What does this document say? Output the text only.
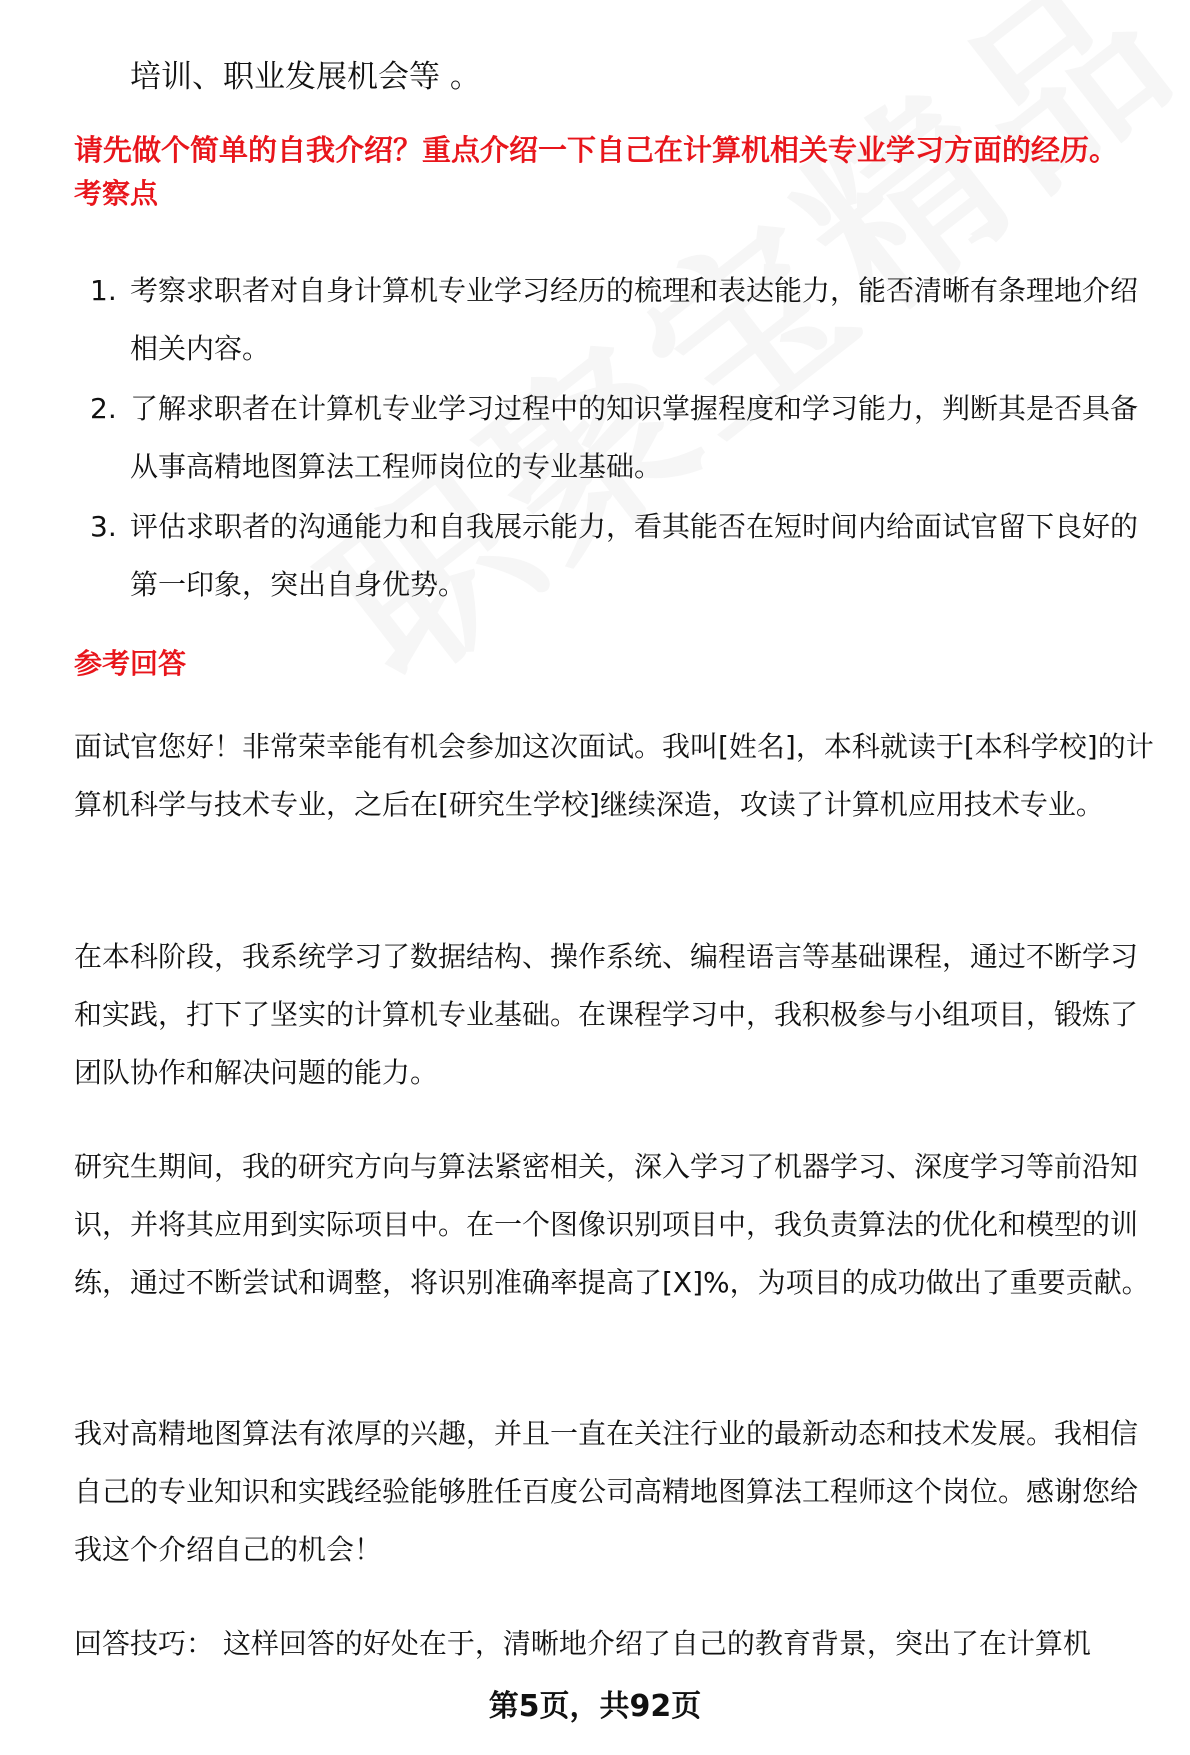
培训、职业发展机会等 。

请先做个简单的自我介绍？重点介绍一下自己在计算机相关专业学习方面的经历。

考察点

1. 考察求职者对自身计算机专业学习经历的梳理和表达能力，能否清晰有条理地介绍相关内容。
2. 了解求职者在计算机专业学习过程中的知识掌握程度和学习能力，判断其是否具备从事高精地图算法工程师岗位的专业基础。
3. 评估求职者的沟通能力和自我展示能力，看其能否在短时间内给面试官留下良好的第一印象，突出自身优势。

参考回答

面试官您好！非常荣幸能有机会参加这次面试。我叫[姓名]，本科就读于[本科学校]的计算机科学与技术专业，之后在[研究生学校]继续深造，攻读了计算机应用技术专业。

在本科阶段，我系统学习了数据结构、操作系统、编程语言等基础课程，通过不断学习和实践，打下了坚实的计算机专业基础。在课程学习中，我积极参与小组项目，锻炼了团队协作和解决问题的能力。

研究生期间，我的研究方向与算法紧密相关，深入学习了机器学习、深度学习等前沿知识，并将其应用到实际项目中。在一个图像识别项目中，我负责算法的优化和模型的训练，通过不断尝试和调整，将识别准确率提高了[X]%，为项目的成功做出了重要贡献。

我对高精地图算法有浓厚的兴趣，并且一直在关注行业的最新动态和技术发展。我相信自己的专业知识和实践经验能够胜任百度公司高精地图算法工程师这个岗位。感谢您给我这个介绍自己的机会！

回答技巧： 这样回答的好处在于，清晰地介绍了自己的教育背景，突出了在计算机

第5页，共92页
